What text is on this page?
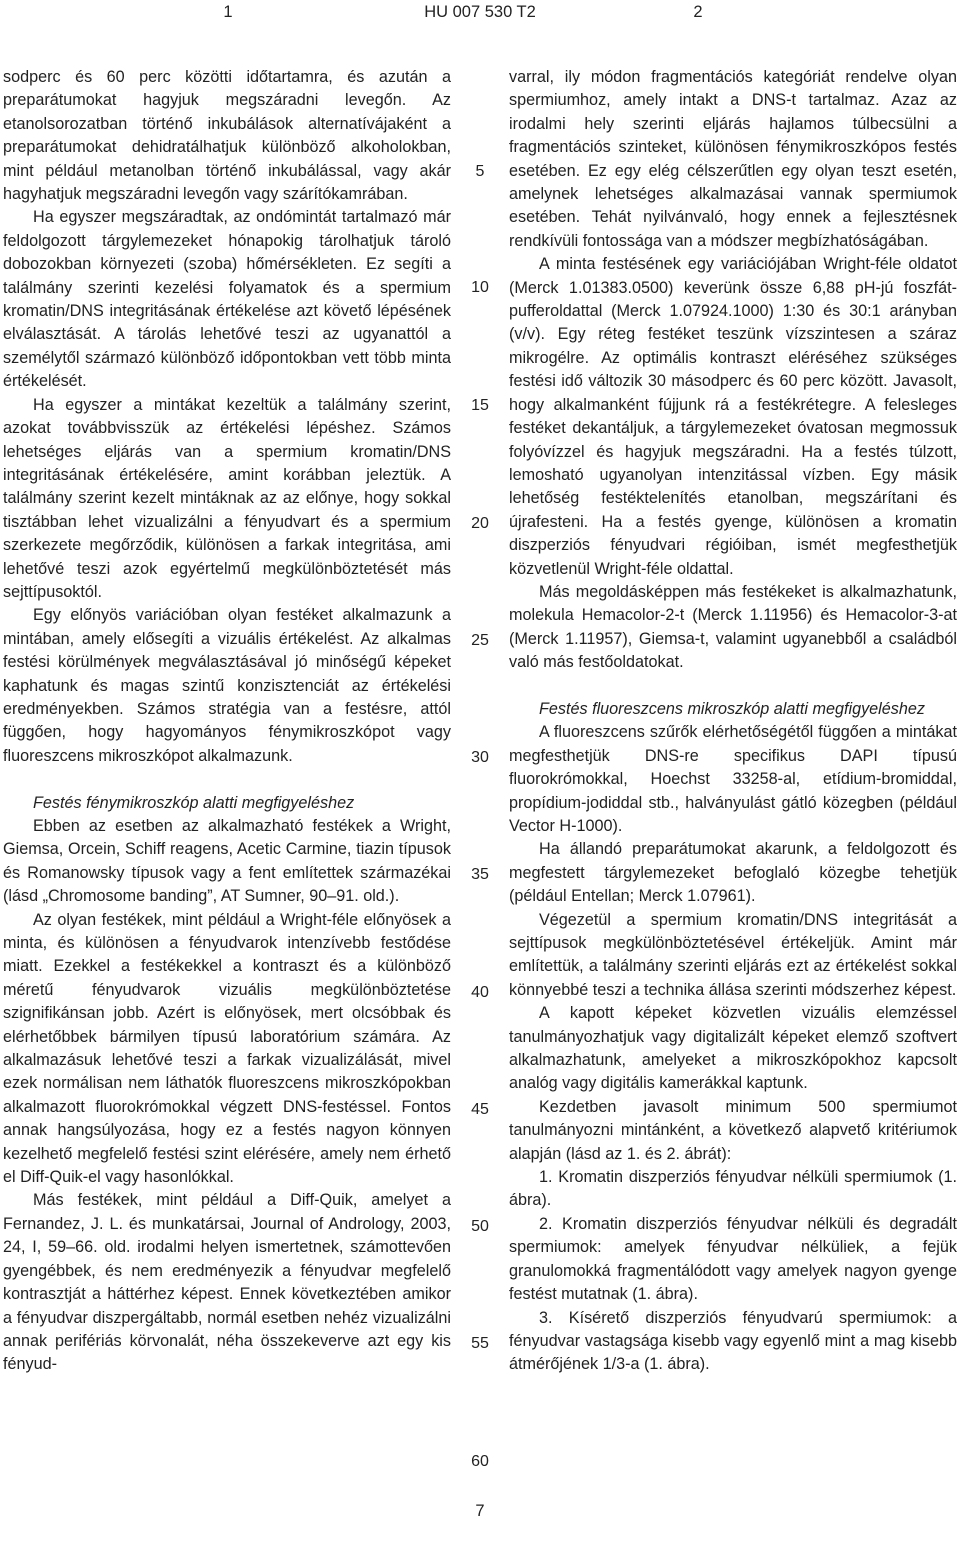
1	HU 007 530 T2	2

sodperc és 60 perc közötti időtartamra, és azután a preparátumokat hagyjuk megszáradni levegőn. Az etanolsorozatban történő inkubálások alternatívájaként a preparátumokat dehidratálhatjuk különböző alkoholokban, mint például metanolban történő inkubálással, vagy akár hagyhatjuk megszáradni levegőn vagy szárítókamrában.

Ha egyszer megszáradtak, az ondómintát tartalmazó már feldolgozott tárgylemezeket hónapokig tárolhatjuk tároló dobozokban környezeti (szoba) hőmérsékleten. Ez segíti a találmány szerinti kezelési folyamatok és a spermium kromatin/DNS integritásának értékelése azt követő lépésének elválasztását. A tárolás lehetővé teszi az ugyanattól a személytől származó különböző időpontokban vett több minta értékelését.

Ha egyszer a mintákat kezeltük a találmány szerint, azokat továbbvisszük az értékelési lépéshez. Számos lehetséges eljárás van a spermium kromatin/DNS integritásának értékelésére, amint korábban jeleztük. A találmány szerint kezelt mintáknak az az előnye, hogy sokkal tisztábban lehet vizualizálni a fényudvart és a spermium szerkezete megőrződik, különösen a farkak integritása, ami lehetővé teszi azok egyértelmű megkülönböztetését más sejttípusoktól.

Egy előnyös variációban olyan festéket alkalmazunk a mintában, amely elősegíti a vizuális értékelést. Az alkalmas festési körülmények megválasztásával jó minőségű képeket kaphatunk és magas szintű konzisztenciát az értékelési eredményekben. Számos stratégia van a festésre, attól függően, hogy hagyományos fénymikroszkópot vagy fluoreszcens mikroszkópot alkalmazunk.

Festés fénymikroszkóp alatti megfigyeléshez

Ebben az esetben az alkalmazható festékek a Wright, Giemsa, Orcein, Schiff reagens, Acetic Carmine, tiazin típusok és Romanowsky típusok vagy a fent említettek származékai (lásd „Chromosome banding”, AT Sumner, 90–91. old.).

Az olyan festékek, mint például a Wright-féle előnyösek a minta, és különösen a fényudvarok intenzívebb festődése miatt. Ezekkel a festékekkel a kontraszt és a különböző méretű fényudvarok vizuális megkülönböztetése szignifikánsan jobb. Azért is előnyösek, mert olcsóbbak és elérhetőbbek bármilyen típusú laboratórium számára. Az alkalmazásuk lehetővé teszi a farkak vizualizálását, mivel ezek normálisan nem láthatók fluoreszcens mikroszkópokban alkalmazott fluorokrómokkal végzett DNS-festéssel. Fontos annak hangsúlyozása, hogy ez a festés nagyon könnyen kezelhető megfelelő festési szint elérésére, amely nem érhető el Diff-Quik-el vagy hasonlókkal.

Más festékek, mint például a Diff-Quik, amelyet a Fernandez, J. L. és munkatársai, Journal of Andrology, 2003, 24, I, 59–66. old. irodalmi helyen ismertetnek, számottevően gyengébbek, és nem eredményezik a fényudvar megfelelő kontrasztját a háttérhez képest. Ennek következtében amikor a fényudvar diszpergáltabb, normál esetben nehéz vizualizálni annak perifériás körvonalát, néha összekeverve azt egy kis fényud-

varral, ily módon fragmentációs kategóriát rendelve olyan spermiumhoz, amely intakt a DNS-t tartalmaz. Azaz az irodalmi hely szerinti eljárás hajlamos túlbecsülni a fragmentációs szinteket, különösen fénymikroszkópos festés esetében. Ez egy elég célszerűtlen egy olyan teszt esetén, amelynek lehetséges alkalmazásai vannak spermiumok esetében. Tehát nyilvánvaló, hogy ennek a fejlesztésnek rendkívüli fontossága van a módszer megbízhatóságában.

A minta festésének egy variációjában Wright-féle oldatot (Merck 1.01383.0500) keverünk össze 6,88 pH-jú foszfát-pufferoldattal (Merck 1.07924.1000) 1:30 és 30:1 arányban (v/v). Egy réteg festéket teszünk vízszintesen a száraz mikrogélre. Az optimális kontraszt eléréséhez szükséges festési idő változik 30 másodperc és 60 perc között. Javasolt, hogy alkalmanként fújjunk rá a festékrétegre. A felesleges festéket dekantáljuk, a tárgylemezeket óvatosan megmossuk folyóvízzel és hagyjuk megszáradni. Ha a festés túlzott, lemosható ugyanolyan intenzitással vízben. Egy másik lehetőség festéktelenítés etanolban, megszárítani és újrafesteni. Ha a festés gyenge, különösen a kromatin diszperziós fényudvari régióiban, ismét megfesthetjük közvetlenül Wright-féle oldattal.

Más megoldásképpen más festékeket is alkalmazhatunk, molekula Hemacolor-2-t (Merck 1.11956) és Hemacolor-3-at (Merck 1.11957), Giemsa-t, valamint ugyanebből a családból való más festőoldatokat.

Festés fluoreszcens mikroszkóp alatti megfigyeléshez

A fluoreszcens szűrők elérhetőségétől függően a mintákat megfesthetjük DNS-re specifikus DAPI típusú fluorokrómokkal, Hoechst 33258-al, etídium-bromiddal, propídium-jodiddal stb., halványulást gátló közegben (például Vector H-1000).

Ha állandó preparátumokat akarunk, a feldolgozott és megfestett tárgylemezeket befoglaló közegbe tehetjük (például Entellan; Merck 1.07961).

Végezetül a spermium kromatin/DNS integritását a sejttípusok megkülönböztetésével értékeljük. Amint már említettük, a találmány szerinti eljárás ezt az értékelést sokkal könnyebbé teszi a technika állása szerinti módszerhez képest.

A kapott képeket közvetlen vizuális elemzéssel tanulmányozhatjuk vagy digitalizált képeket elemző szoftvert alkalmazhatunk, amelyeket a mikroszkópokhoz kapcsolt analóg vagy digitális kamerákkal kaptunk.

Kezdetben javasolt minimum 500 spermiumot tanulmányozni mintánként, a következő alapvető kritériumok alapján (lásd az 1. és 2. ábrát):

1. Kromatin diszperziós fényudvar nélküli spermiumok (1. ábra).

2. Kromatin diszperziós fényudvar nélküli és degradált spermiumok: amelyek fényudvar nélküliek, a fejük granulomokká fragmentálódott vagy amelyek nagyon gyenge festést mutatnak (1. ábra).

3. Kísérető diszperziós fényudvarú spermiumok: a fényudvar vastagsága kisebb vagy egyenlő mint a mag kisebb átmérőjének 1/3-a (1. ábra).

5
10
15
20
25
30
35
40
45
50
55
60
7
